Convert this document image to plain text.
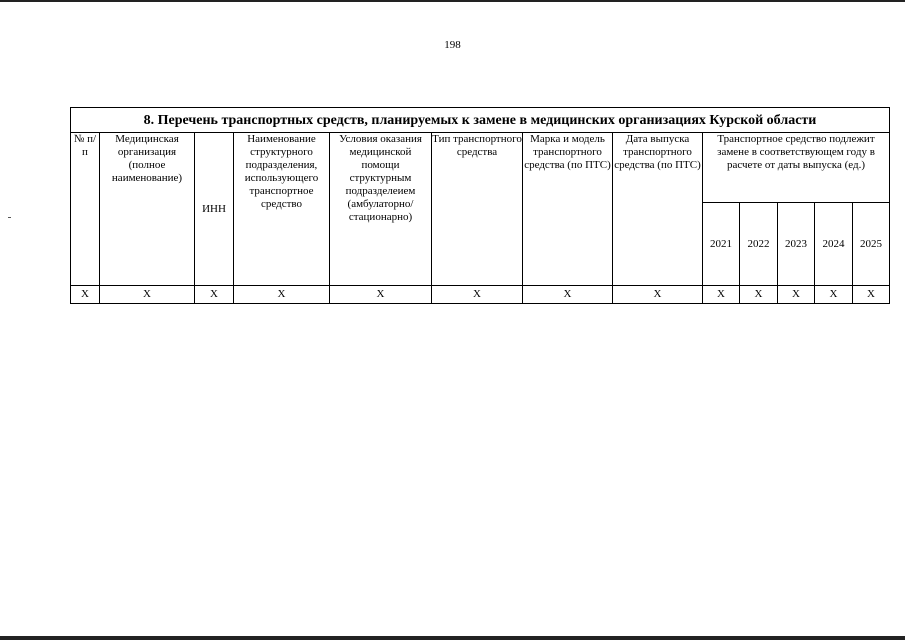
198
8. Перечень транспортных средств, планируемых к замене в медицинских организациях Курской области												
№ п/п	Медицинская организация (полное наименование)	ИНН	Наименование структурного подразделения, использующего транспортное средство	Условия оказания медицинской помощи структурным подразделеием (амбулаторно/ стационарно)	Тип транспортного средства	Марка и модель транспортного средства (по ПТС)	Дата выпуска транспортного средства (по ПТС)	Транспортное средство подлежит замене в соответствующем году в расчете от даты выпуска (ед.)				
								2021	2022	2023	2024	2025
Х	Х	Х	Х	Х	Х	Х	Х	Х	Х	Х	Х	Х
